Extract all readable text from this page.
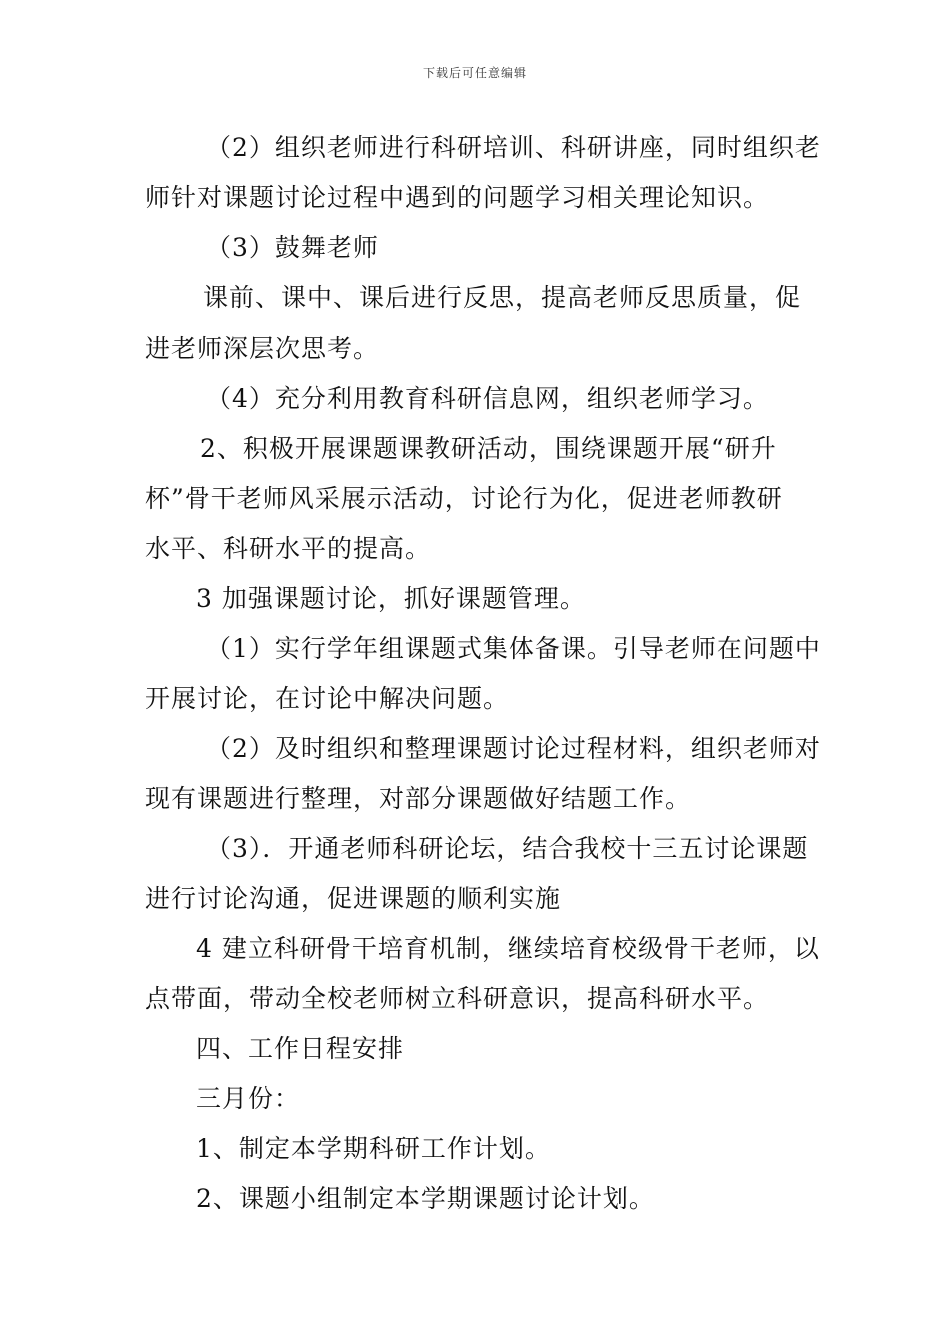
下载后可任意编辑
（2）组织老师进行科研培训、科研讲座，同时组织老
师针对课题讨论过程中遇到的问题学习相关理论知识。
（3）鼓舞老师
课前、课中、课后进行反思，提高老师反思质量，促
进老师深层次思考。
（4）充分利用教育科研信息网，组织老师学习。
2、积极开展课题课教研活动，围绕课题开展“研升
杯”骨干老师风采展示活动，讨论行为化，促进老师教研
水平、科研水平的提高。
3 加强课题讨论，抓好课题管理。
（1）实行学年组课题式集体备课。引导老师在问题中
开展讨论，在讨论中解决问题。
（2）及时组织和整理课题讨论过程材料，组织老师对
现有课题进行整理，对部分课题做好结题工作。
（3）．开通老师科研论坛，结合我校十三五讨论课题
进行讨论沟通，促进课题的顺利实施
4 建立科研骨干培育机制，继续培育校级骨干老师，以
点带面，带动全校老师树立科研意识，提高科研水平。
四、工作日程安排
三月份：
1、制定本学期科研工作计划。
2、课题小组制定本学期课题讨论计划。
